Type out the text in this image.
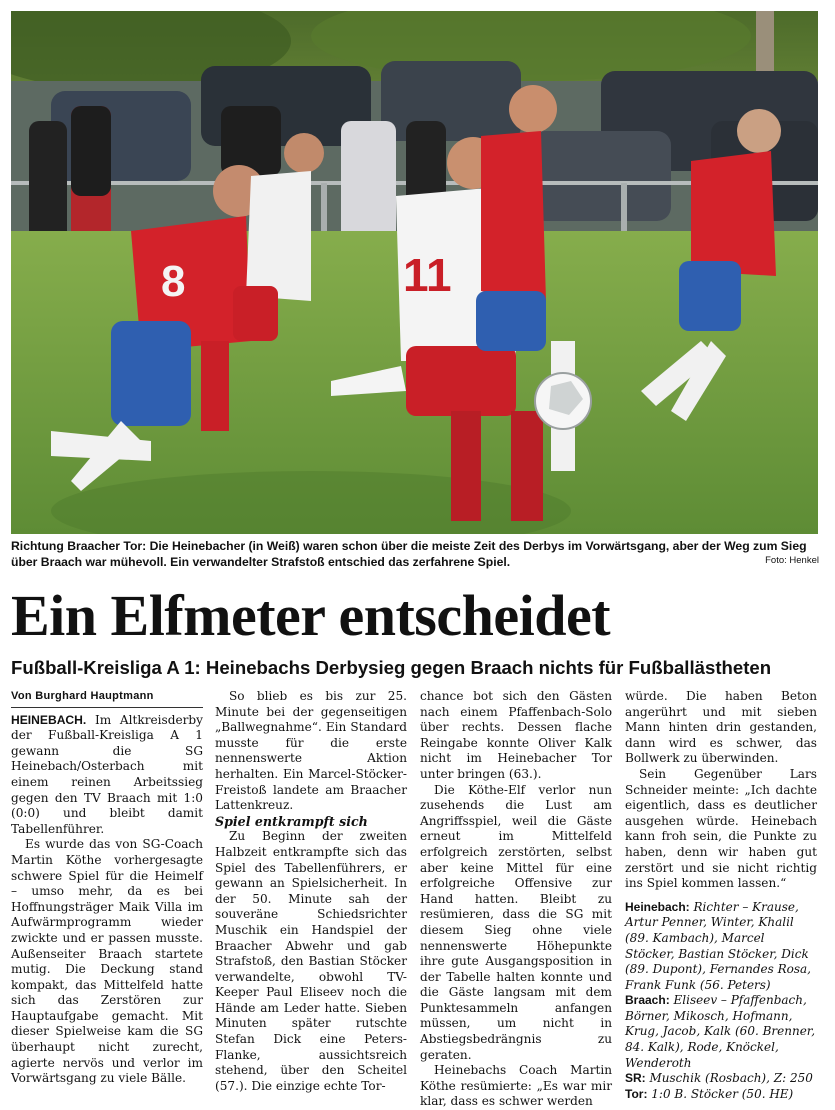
8	11
Richtung Braacher Tor: Die Heinebacher (in Weiß) waren schon über die meiste Zeit des Derbys im Vorwärtsgang, aber der Weg zum Sieg über Braach war mühevoll. Ein verwandelter Strafstoß entschied das zerfahrene Spiel.	Foto: Henkel
Ein Elfmeter entscheidet
Fußball-Kreisliga A 1: Heinebachs Derbysieg gegen Braach nichts für Fußballästheten
Von Burghard Hauptmann

HEINEBACH. Im Altkreisderby der Fußball-Kreisliga A 1 gewann die SG Heinebach/Osterbach mit einem reinen Arbeitssieg gegen den TV Braach mit 1:0 (0:0) und bleibt damit Tabellenführer.

Es wurde das von SG-Coach Martin Köthe vorhergesagte schwere Spiel für die Heimelf – umso mehr, da es bei Hoffnungsträger Maik Villa im Aufwärmprogramm wieder zwickte und er passen musste. Außenseiter Braach startete mutig. Die Deckung stand kompakt, das Mittelfeld hatte sich das Zerstören zur Hauptaufgabe gemacht. Mit dieser Spielweise kam die SG überhaupt nicht zurecht, agierte nervös und verlor im Vorwärtsgang zu viele Bälle.

So blieb es bis zur 25. Minute bei der gegenseitigen „Ballwegnahme“. Ein Standard musste für die erste nennenswerte Aktion herhalten. Ein Marcel-Stöcker-Freistoß landete am Braacher Lattenkreuz.

Spiel entkrampft sich

Zu Beginn der zweiten Halbzeit entkrampfte sich das Spiel des Tabellenführers, er gewann an Spielsicherheit. In der 50. Minute sah der souveräne Schiedsrichter Muschik ein Handspiel der Braacher Abwehr und gab Strafstoß, den Bastian Stöcker verwandelte, obwohl TV-Keeper Paul Eliseev noch die Hände am Leder hatte. Sieben Minuten später rutschte Stefan Dick eine Peters-Flanke, aussichtsreich stehend, über den Scheitel (57.). Die einzige echte Tor-

chance bot sich den Gästen nach einem Pfaffenbach-Solo über rechts. Dessen flache Reingabe konnte Oliver Kalk nicht im Heinebacher Tor unter bringen (63.).

Die Köthe-Elf verlor nun zusehends die Lust am Angriffsspiel, weil die Gäste erneut im Mittelfeld erfolgreich zerstörten, selbst aber keine Mittel für eine erfolgreiche Offensive zur Hand hatten. Bleibt zu resümieren, dass die SG mit diesem Sieg ohne viele nennenswerte Höhepunkte ihre gute Ausgangsposition in der Tabelle halten konnte und die Gäste langsam mit dem Punktesammeln anfangen müssen, um nicht in Abstiegsbedrängnis zu geraten.

Heinebachs Coach Martin Köthe resümierte: „Es war mir klar, dass es schwer werden

würde. Die haben Beton angerührt und mit sieben Mann hinten drin gestanden, dann wird es schwer, das Bollwerk zu überwinden.

Sein Gegenüber Lars Schneider meinte: „Ich dachte eigentlich, dass es deutlicher ausgehen würde. Heinebach kann froh sein, die Punkte zu haben, denn wir haben gut zerstört und sie nicht richtig ins Spiel kommen lassen.“

Heinebach: Richter – Krause, Artur Penner, Winter, Khalil (89. Kambach), Marcel Stöcker, Bastian Stöcker, Dick (89. Dupont), Fernandes Rosa, Frank Funk (56. Peters)

Braach: Eliseev – Pfaffenbach, Börner, Mikosch, Hofmann, Krug, Jacob, Kalk (60. Brenner, 84. Kalk), Rode, Knöckel, Wenderoth

SR: Muschik (Rosbach), Z: 250

Tor: 1:0 B. Stöcker (50. HE)
